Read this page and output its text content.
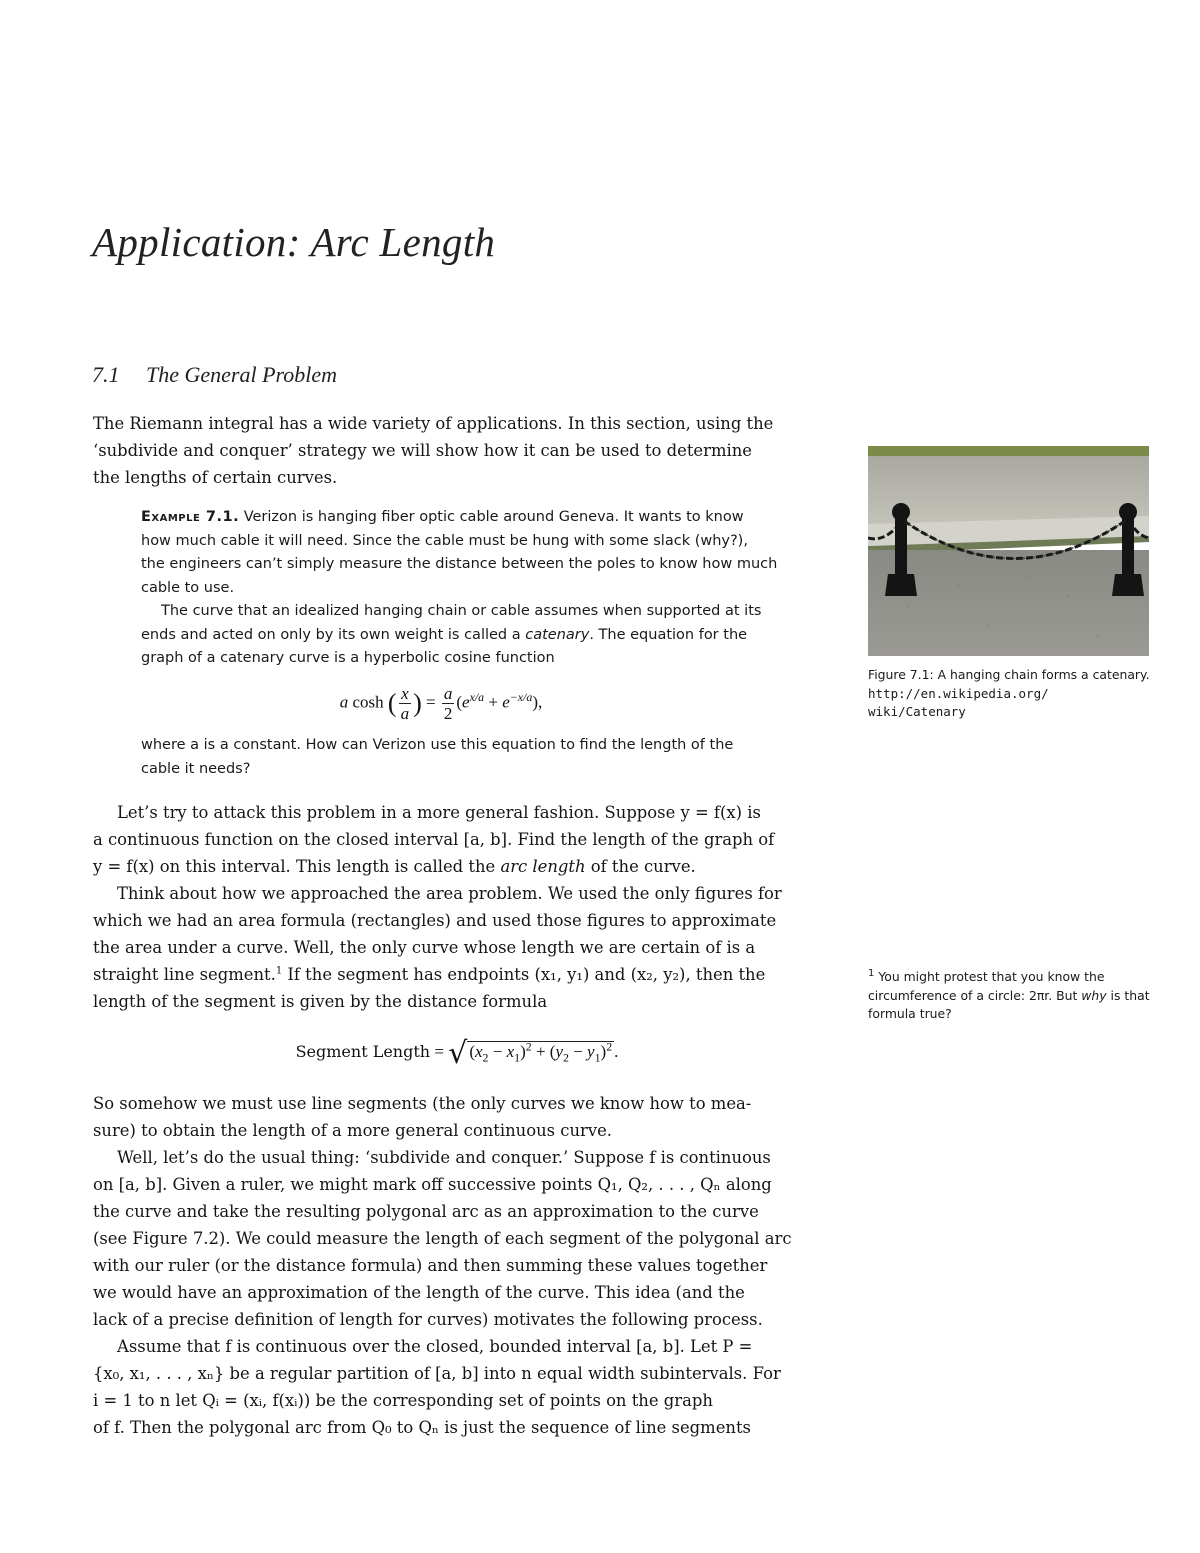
Application: Arc Length
7.1 The General Problem

The Riemann integral has a wide variety of applications. In this section, using the
‘subdivide and conquer’ strategy we will show how it can be used to determine
the lengths of certain curves.

Example 7.1. Verizon is hanging fiber optic cable around Geneva. It wants to know
how much cable it will need. Since the cable must be hung with some slack (why?),
the engineers can’t simply measure the distance between the poles to know how much
cable to use.
The curve that an idealized hanging chain or cable assumes when supported at its
ends and acted on only by its own weight is called a catenary. The equation for the
graph of a catenary curve is a hyperbolic cosine function
a cosh ( $\frac{x}{a}$ ) = $\frac{a}{2} (e^{x/a} + e^{-x/a})$,
where a is a constant. How can Verizon use this equation to find the length of the
cable it needs?

Let’s try to attack this problem in a more general fashion. Suppose y = f(x) is
a continuous function on the closed interval [a, b]. Find the length of the graph of
y = f(x) on this interval. This length is called the arc length of the curve.

Think about how we approached the area problem. We used the only figures for
which we had an area formula (rectangles) and used those figures to approximate
the area under a curve. Well, the only curve whose length we are certain of is a
straight line segment.$^1$ If the segment has endpoints (x₁, y₁) and (x₂, y₂), then the
length of the segment is given by the distance formula

Segment Length = √ $(x_2 - x_1)^2 + (y_2 - y_1)^2$ .

So somehow we must use line segments (the only curves we know how to mea-
sure) to obtain the length of a more general continuous curve.

Well, let’s do the usual thing: ‘subdivide and conquer.’ Suppose f is continuous
on [a, b]. Given a ruler, we might mark off successive points Q₁, Q₂, . . . , Qₙ along
the curve and take the resulting polygonal arc as an approximation to the curve
(see Figure 7.2). We could measure the length of each segment of the polygonal arc
with our ruler (or the distance formula) and then summing these values together
we would have an approximation of the length of the curve. This idea (and the
lack of a precise definition of length for curves) motivates the following process.

Assume that f is continuous over the closed, bounded interval [a, b]. Let P =
{x₀, x₁, . . . , xₙ} be a regular partition of [a, b] into n equal width subintervals. For
i = 1 to n let Qᵢ = (xᵢ, f(xᵢ)) be the corresponding set of points on the graph
of f. Then the polygonal arc from Q₀ to Qₙ is just the sequence of line segments

Figure 7.1: A hanging chain forms a catenary. http://en.wikipedia.org/
wiki/Catenary

$^1$ You might protest that you know the circumference of a circle: 2πr. But why is that formula true?
